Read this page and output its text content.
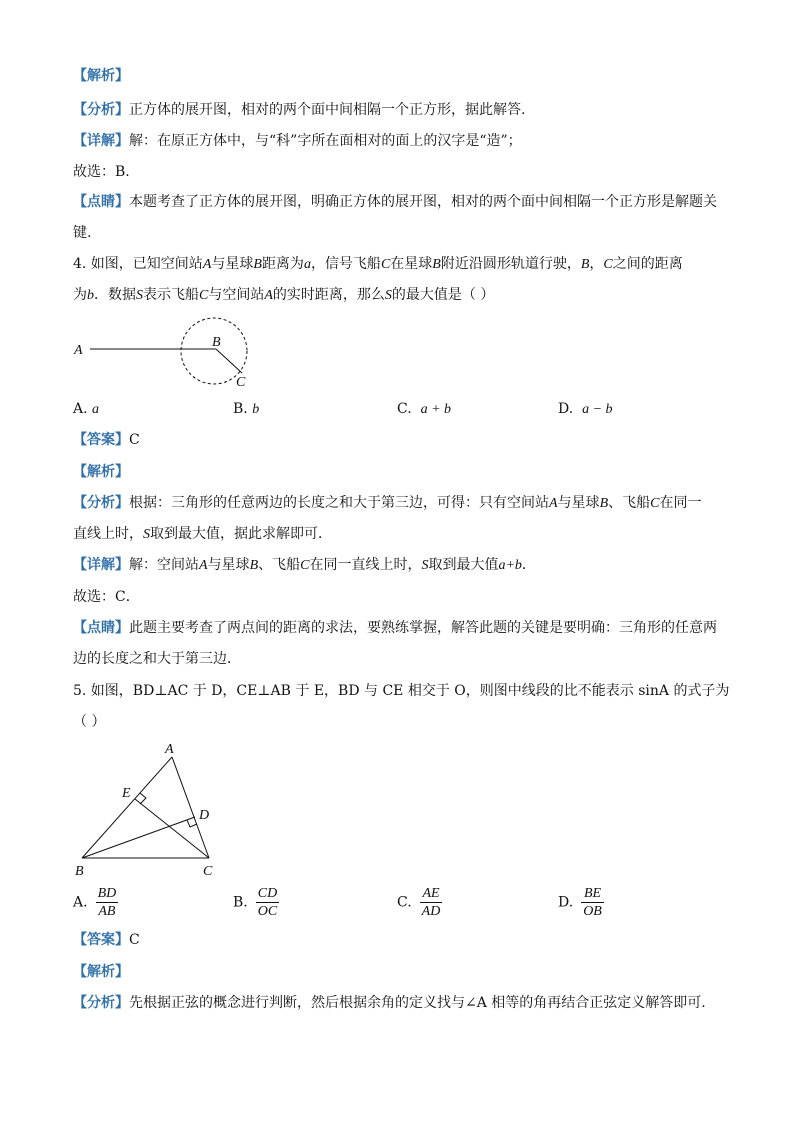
【解析】
【分析】正方体的展开图，相对的两个面中间相隔一个正方形，据此解答.
【详解】解：在原正方体中，与“科”字所在面相对的面上的汉字是“造”；
故选：B.
【点睛】本题考查了正方体的展开图，明确正方体的展开图，相对的两个面中间相隔一个正方形是解题关
键.
4. 如图，已知空间站A与星球B距离为a，信号飞船C在星球B附近沿圆形轨道行驶，B，C之间的距离
为b．数据S表示飞船C与空间站A的实时距离，那么S的最大值是（ ）
A
B
C
A. a	B. b	C. a + b	D. a − b
【答案】C
【解析】
【分析】根据：三角形的任意两边的长度之和大于第三边，可得：只有空间站A与星球B、飞船C在同一
直线上时，S取到最大值，据此求解即可．
【详解】解：空间站A与星球B、飞船C在同一直线上时，S取到最大值a+b．
故选：C．
【点睛】此题主要考查了两点间的距离的求法，要熟练掌握，解答此题的关键是要明确：三角形的任意两
边的长度之和大于第三边．
5. 如图，BD⊥AC 于 D，CE⊥AB 于 E，BD 与 CE 相交于 O，则图中线段的比不能表示 sinA 的式子为
（ ）
A
E
D
B	C
A. $\frac{BD}{AB}$	B. $\frac{CD}{OC}$	C. $\frac{AE}{AD}$	D. $\frac{BE}{OB}$
【答案】C
【解析】
【分析】先根据正弦的概念进行判断，然后根据余角的定义找与∠A 相等的角再结合正弦定义解答即可.
